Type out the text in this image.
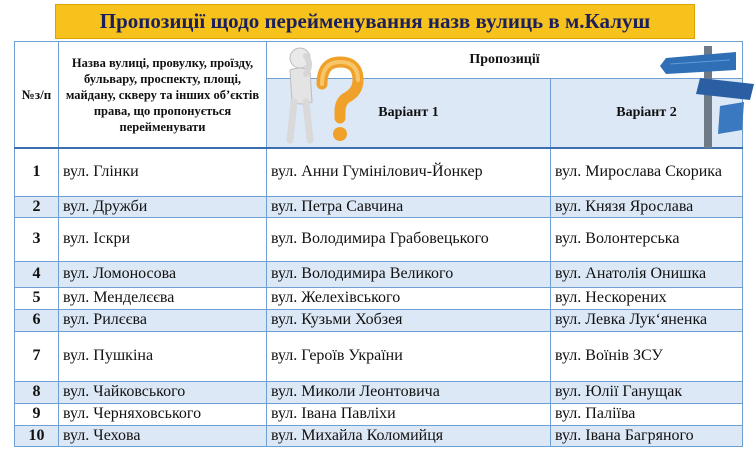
Пропозиції щодо перейменування назв вулиць в м.Калуш
№з/п	Назва вулиці, провулку, проїзду, бульвару, проспекту, площі, майдану, скверу та інших об’єктів права, що пропонується перейменувати	Пропозиції	
		Варіант 1	Варіант 2
1	вул. Глінки	вул. Анни Гумінілович-Йонкер	вул. Мирослава Скорика
2	вул. Дружби	вул. Петра Савчина	вул. Князя Ярослава
3	вул. Іскри	вул. Володимира Грабовецького	вул. Волонтерська
4	вул. Ломоносова	вул. Володимира Великого	вул. Анатолія Онишка
5	вул. Менделєєва	вул. Желехівського	вул. Нескорених
6	вул. Рилєєва	вул. Кузьми Хобзея	вул. Левка Лук‘яненка
7	вул. Пушкіна	вул. Героїв України	вул. Воїнів ЗСУ
8	вул. Чайковського	вул. Миколи Леонтовича	вул. Юлії Ганущак
9	вул. Черняховського	вул. Івана Павліхи	вул. Паліїва
10	вул. Чехова	вул. Михайла Коломийця	вул. Івана Багряного
